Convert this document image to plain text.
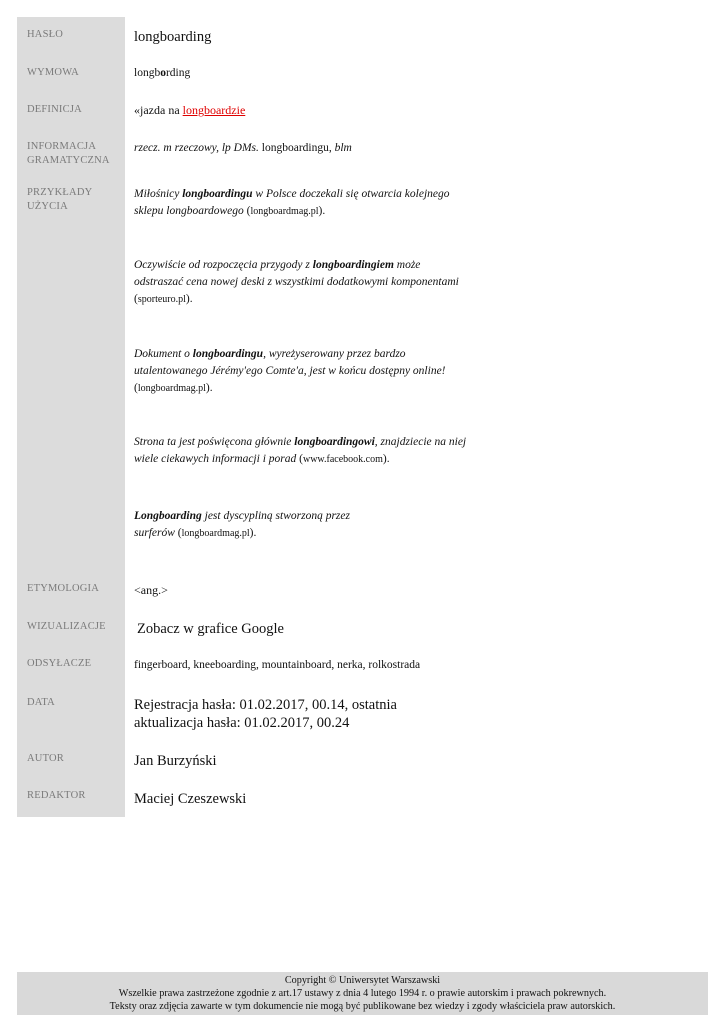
HASŁO
WYMOWA
DEFINICJA
INFORMACJA
GRAMATYCZNA
PRZYKŁADY
UŻYCIA
ETYMOLOGIA
WIZUALIZACJE
ODSYŁACZE
DATA
AUTOR
REDAKTOR
longboarding
longbording
«jazda na longboardzie
rzecz. m rzeczowy, lp DMs. longboardingu, blm
Miłośnicy longboardingu w Polsce doczekali się otwarcia kolejnego sklepu longboardowego (longboardmag.pl).
Oczywiście od rozpoczęcia przygody z longboardingiem może odstraszać cena nowej deski z wszystkimi dodatkowymi komponentami (sporteuro.pl).
Dokument o longboardingu, wyreżyserowany przez bardzo utalentowanego Jérémy'ego Comte'a, jest w końcu dostępny online! (longboardmag.pl).
Strona ta jest poświęcona głównie longboardingowi, znajdziecie na niej wiele ciekawych informacji i porad (www.facebook.com).
Longboarding jest dyscypliną stworzoną przez surferów (longboardmag.pl).
<ang.>
Zobacz w grafice Google
fingerboard, kneeboarding, mountainboard, nerka, rolkostrada
Rejestracja hasła: 01.02.2017, 00.14, ostatnia
aktualizacja hasła: 01.02.2017, 00.24
Jan Burzyński
Maciej Czeszewski
Copyright © Uniwersytet Warszawski
Wszelkie prawa zastrzeżone zgodnie z art.17 ustawy z dnia 4 lutego 1994 r. o prawie autorskim i prawach pokrewnych.
Teksty oraz zdjęcia zawarte w tym dokumencie nie mogą być publikowane bez wiedzy i zgody właściciela praw autorskich.
